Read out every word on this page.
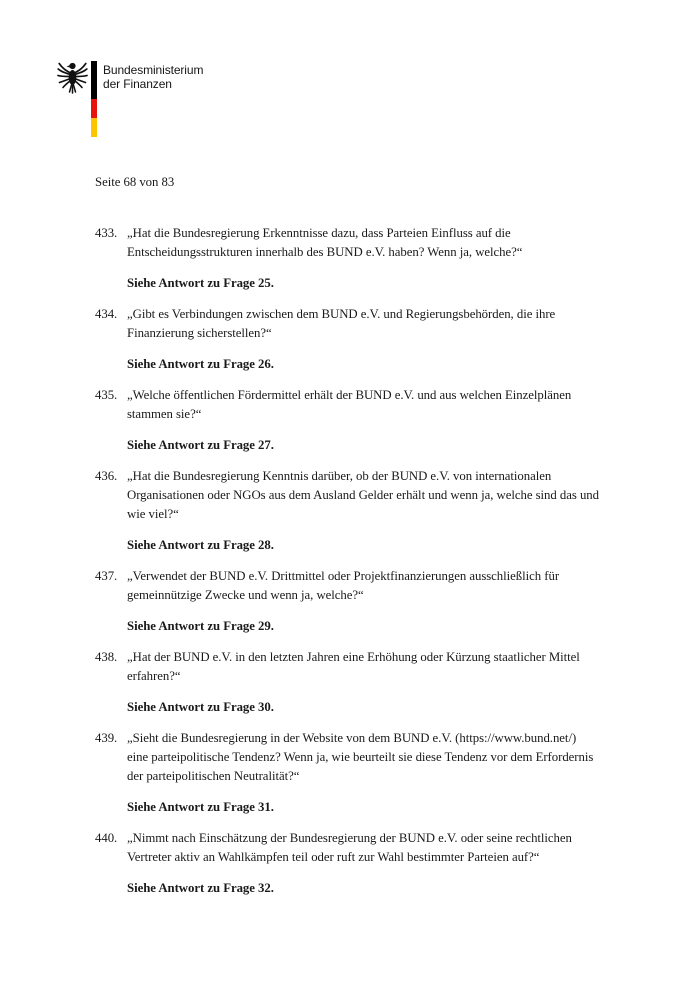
Bundesministerium
der Finanzen
Seite 68 von 83
433. „Hat die Bundesregierung Erkenntnisse dazu, dass Parteien Einfluss auf die
Entscheidungsstrukturen innerhalb des BUND e.V. haben? Wenn ja, welche?“
Siehe Antwort zu Frage 25.
434. „Gibt es Verbindungen zwischen dem BUND e.V. und Regierungsbehörden, die ihre
Finanzierung sicherstellen?“
Siehe Antwort zu Frage 26.
435. „Welche öffentlichen Fördermittel erhält der BUND e.V. und aus welchen Einzelplänen
stammen sie?“
Siehe Antwort zu Frage 27.
436. „Hat die Bundesregierung Kenntnis darüber, ob der BUND e.V. von internationalen
Organisationen oder NGOs aus dem Ausland Gelder erhält und wenn ja, welche sind das und
wie viel?“
Siehe Antwort zu Frage 28.
437. „Verwendet der BUND e.V. Drittmittel oder Projektfinanzierungen ausschließlich für
gemeinnützige Zwecke und wenn ja, welche?“
Siehe Antwort zu Frage 29.
438. „Hat der BUND e.V. in den letzten Jahren eine Erhöhung oder Kürzung staatlicher Mittel
erfahren?“
Siehe Antwort zu Frage 30.
439. „Sieht die Bundesregierung in der Website von dem BUND e.V. (https://www.bund.net/)
eine parteipolitische Tendenz? Wenn ja, wie beurteilt sie diese Tendenz vor dem Erfordernis
der parteipolitischen Neutralität?“
Siehe Antwort zu Frage 31.
440. „Nimmt nach Einschätzung der Bundesregierung der BUND e.V. oder seine rechtlichen
Vertreter aktiv an Wahlkämpfen teil oder ruft zur Wahl bestimmter Parteien auf?“
Siehe Antwort zu Frage 32.
